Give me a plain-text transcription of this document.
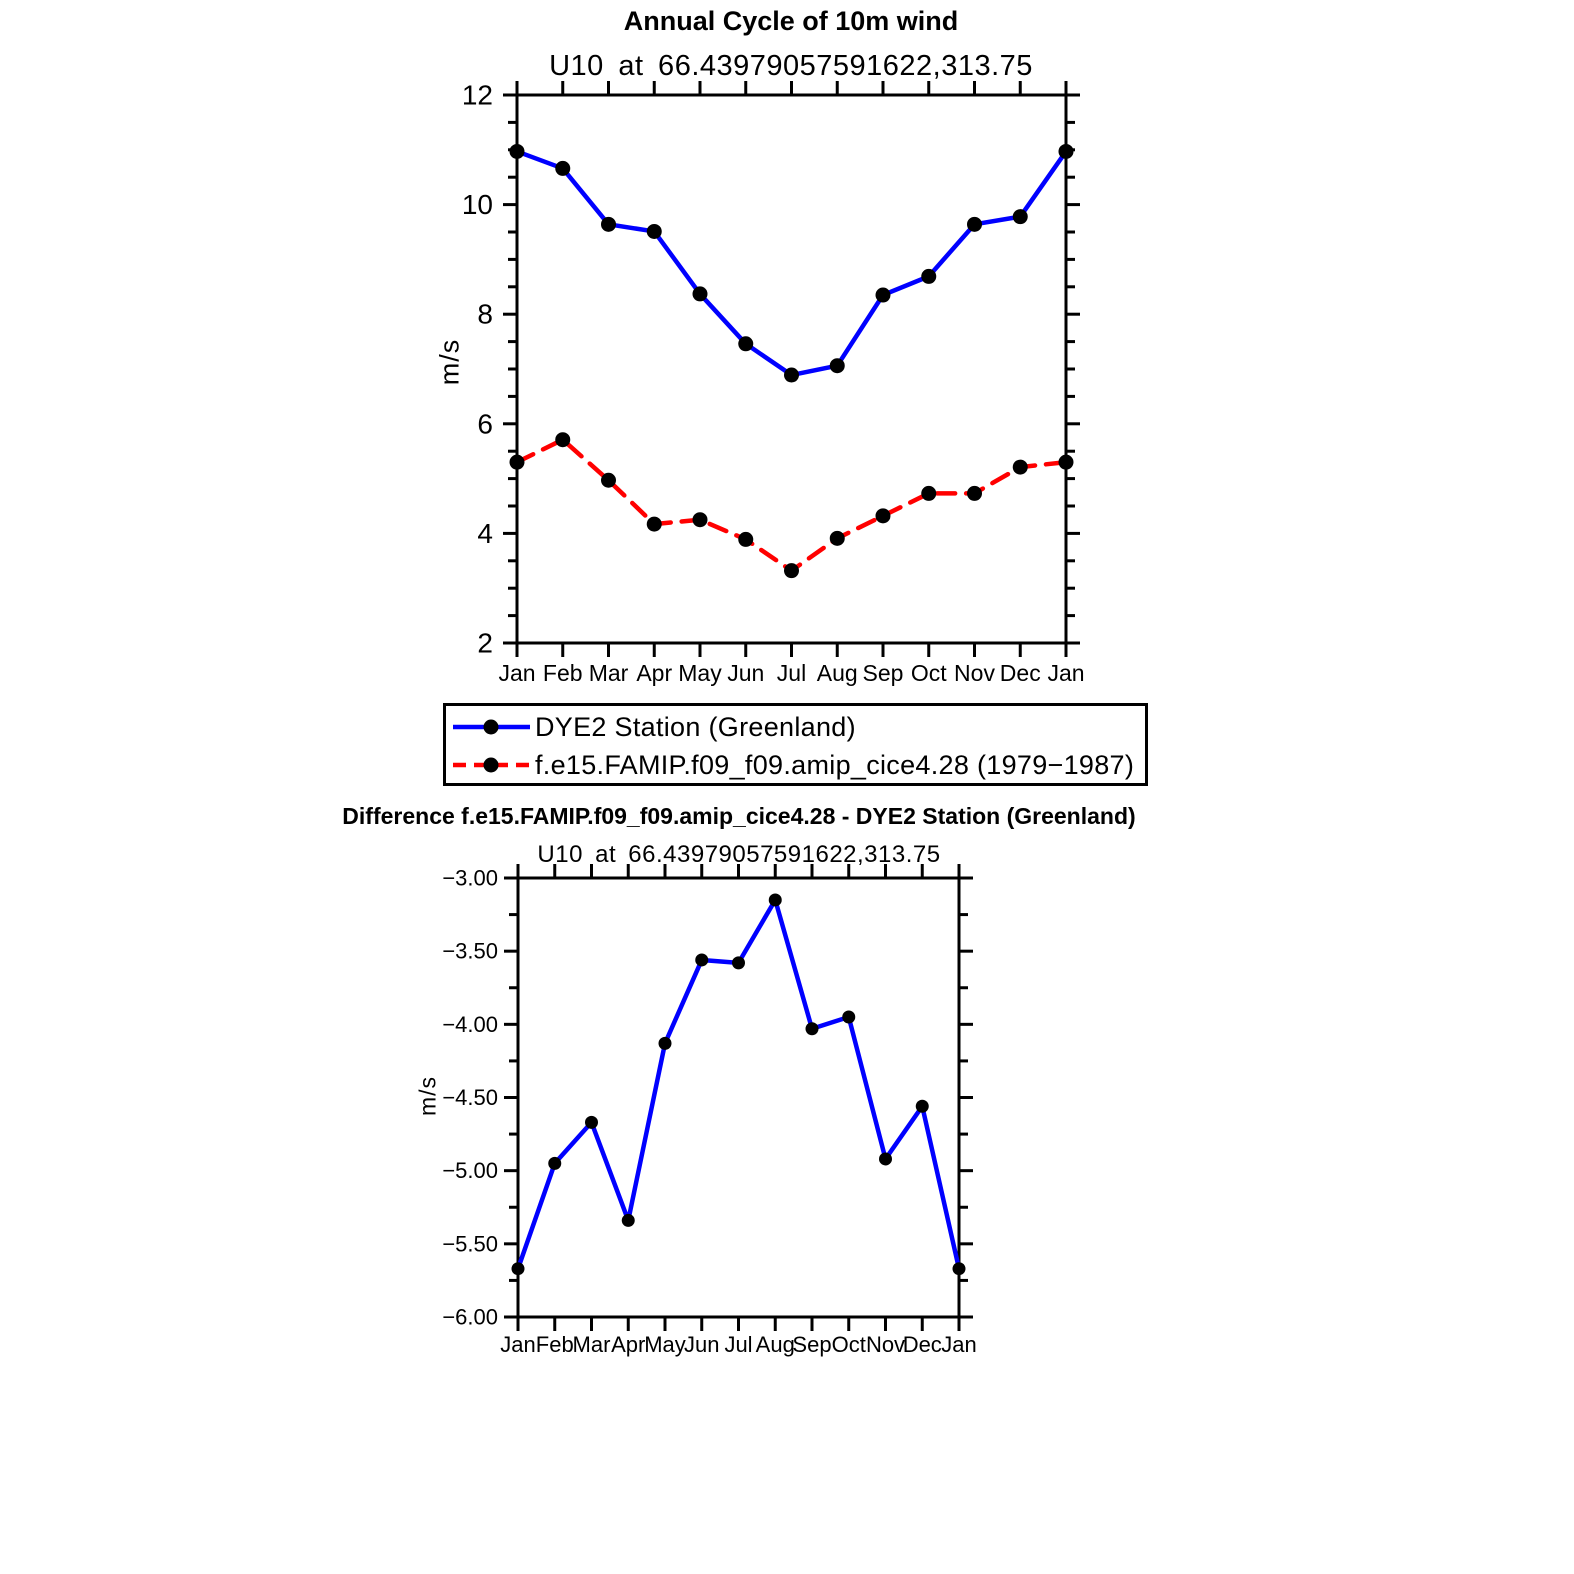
12
10
8
6
4
2
Jan Feb Mar Apr May Jun Jul Aug Sep Oct Nov Dec Jan
−3.00
−3.50
−4.00
−4.50
−5.00
−5.50
−6.00
Jan Feb
Mar Apr
May
Jun Jul Aug
Sep Oct Nov
Dec Jan
Annual Cycle of 10m wind
U10 at 66.43979057591622,313.75
m/s
DYE2 Station (Greenland)
f.e15.FAMIP.f09_f09.amip_cice4.28 (1979−1987)
Difference f.e15.FAMIP.f09_f09.amip_cice4.28 - DYE2 Station (Greenland)
U10 at 66.43979057591622,313.75
m/s
